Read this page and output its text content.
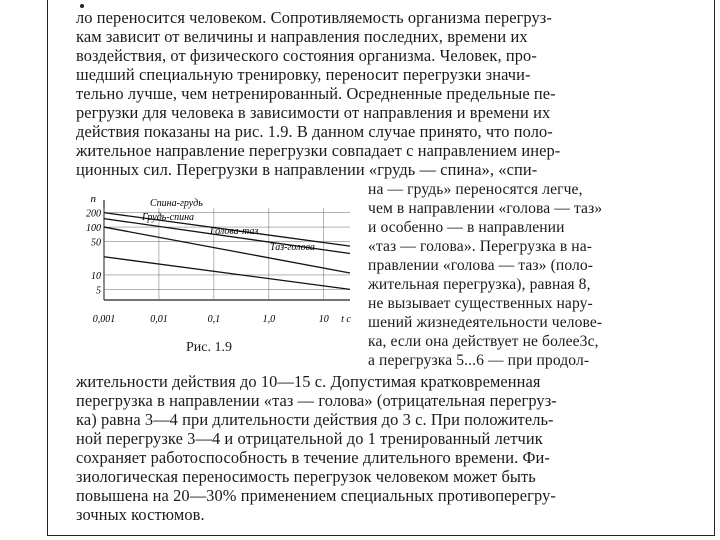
ло переносится человеком. Сопротивляемость организма перегруз-
кам зависит от величины и направления последних, времени их
воздействия, от физического состояния организма. Человек, про-
шедший специальную тренировку, переносит перегрузки значи-
тельно лучше, чем нетренированный. Осредненные предельные пе-
регрузки для человека в зависимости от направления и времени их
действия показаны на рис. 1.9. В данном случае принято, что поло-
жительное направление перегрузки совпадает с направлением инер-
ционных сил. Перегрузки в направлении «грудь — спина», «спи-
на — грудь» переносятся легче,
чем в направлении «голова — таз»
и особенно — в направлении
«таз — голова». Перегрузка в на-
правлении «голова — таз» (поло-
жительная перегрузка), равная 8,
не вызывает существенных нару-
шений жизнедеятельности челове-
ка, если она действует не более3с,
а перегрузка 5...6 — при продол-
200
100
50
10
5
n
0,001	0,01	0,1	1,0	10 t c
Спина-грудь
Грудь-спина
Голова-таз
Таз-голова
Рис. 1.9
жительности действия до 10—15 с. Допустимая кратковременная
перегрузка в направлении «таз — голова» (отрицательная перегруз-
ка) равна 3—4 при длительности действия до 3 с. При положитель-
ной перегрузке 3—4 и отрицательной до 1 тренированный летчик
сохраняет работоспособность в течение длительного времени. Фи-
зиологическая переносимость перегрузок человеком может быть
повышена на 20—30% применением специальных противоперегру-
зочных костюмов.
